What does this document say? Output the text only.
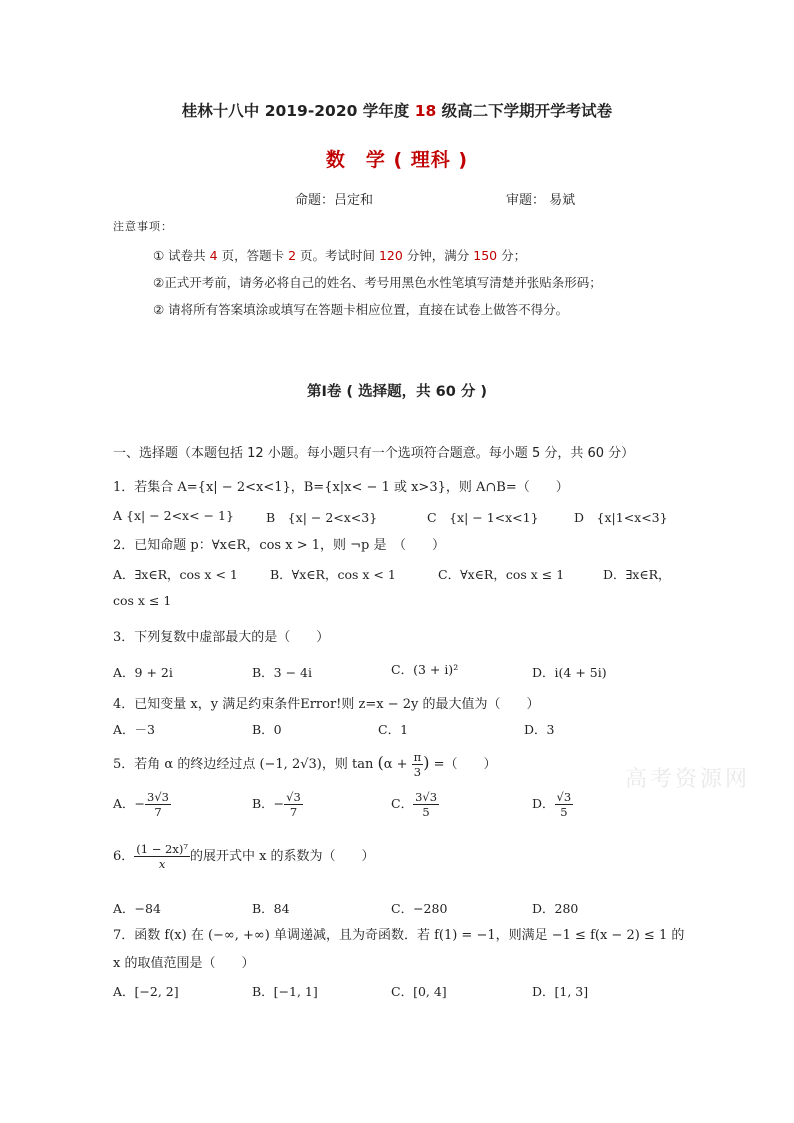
桂林十八中 2019-2020 学年度 18 级高二下学期开学考试卷
数　学 ( 理科 )
命题：吕定和	审题： 易斌
注意事项：
① 试卷共 4 页，答题卡 2 页。考试时间 120 分钟，满分 150 分；
②正式开考前，请务必将自己的姓名、考号用黑色水性笔填写清楚并张贴条形码；
② 请将所有答案填涂或填写在答题卡相应位置，直接在试卷上做答不得分。
第Ⅰ卷 ( 选择题，共 60 分 )
一、选择题（本题包括 12 小题。每小题只有一个选项符合题意。每小题 5 分，共 60 分）
1．若集合 A={x| − 2<x<1}，B={x|x< − 1 或 x>3}，则 A∩B=（　　）
A {x| − 2<x< − 1}	B　{x| − 2<x<3}	C　{x| − 1<x<1}	D　{x|1<x<3}
2．已知命题 p：∀x∈R，cos x > 1，则 ¬p 是　（　　）
A．∃x∈R，cos x < 1	B．∀x∈R，cos x < 1	C．∀x∈R，cos x ≤ 1	D．∃x∈R，
cos x ≤ 1
3．下列复数中虚部最大的是（　　）
A．9 + 2i	B．3 − 4i	C．(3 + i)²	D．i(4 + 5i)
4．已知变量 x，y 满足约束条件Error!则 z=x − 2y 的最大值为（　　）
A．－3	B．0	C．1	D．3
5．若角 α 的终边经过点 (−1, 2√3)，则 $\tan (\alpha + \frac{\pi}{3}$ ) =（　　）
A．− $\frac{3√3}{7}$	B．− $\frac{√3}{7}$	C． $\frac{3√3}{5}$	D． $\frac{√3}{5}$
6． $\frac{\text{(1 − 2x)⁷}}{x}$ 的展开式中 x 的系数为（　　）
A．−84	B．84	C．−280	D．280
7．函数 f(x) 在 (−∞, +∞) 单调递减，且为奇函数．若 f(1) = −1，则满足 −1 ≤ f(x − 2) ≤ 1 的
x 的取值范围是（　　）
A．[−2, 2]	B．[−1, 1]	C．[0, 4]	D．[1, 3]
高考资源网
